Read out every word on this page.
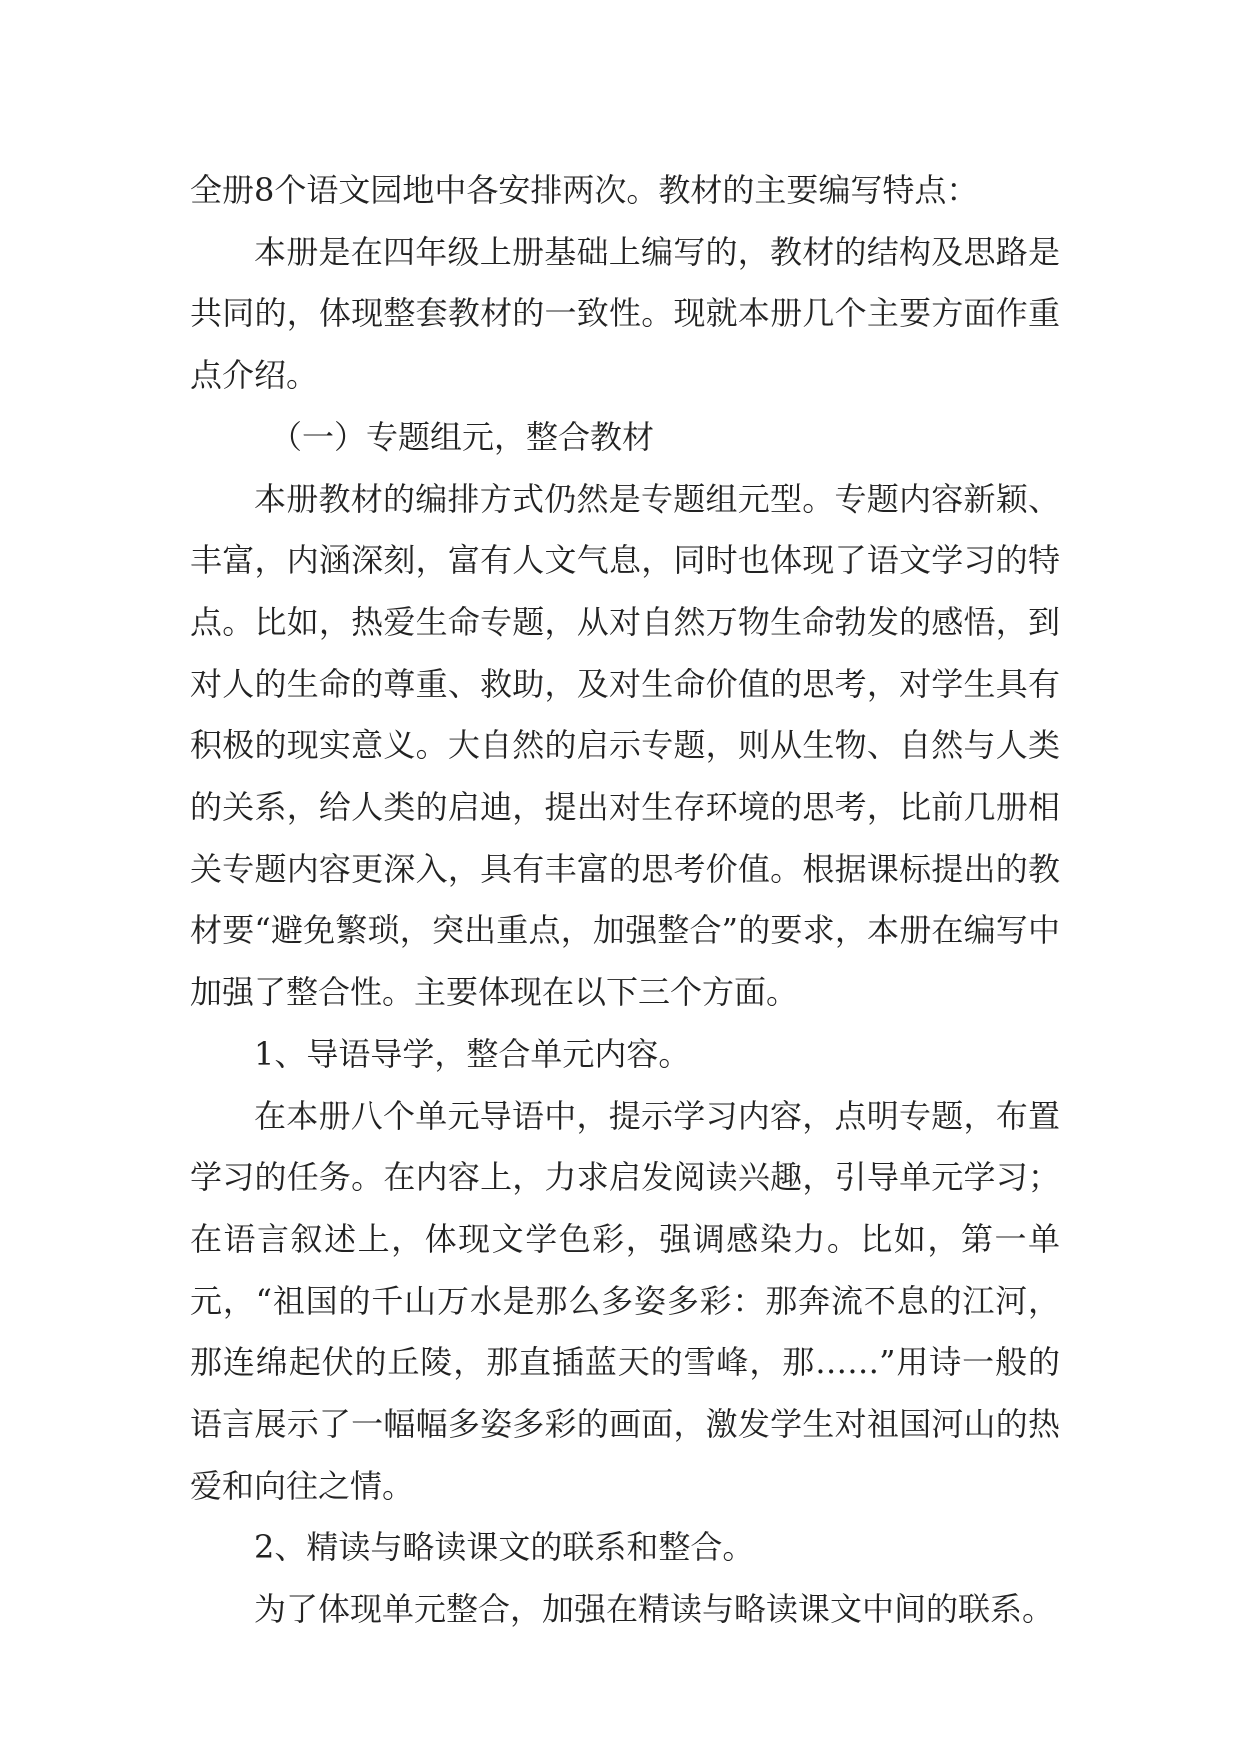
全册8个语文园地中各安排两次。教材的主要编写特点：

本册是在四年级上册基础上编写的，教材的结构及思路是共同的，体现整套教材的一致性。现就本册几个主要方面作重点介绍。

（一）专题组元，整合教材

本册教材的编排方式仍然是专题组元型。专题内容新颖、丰富，内涵深刻，富有人文气息，同时也体现了语文学习的特点。比如，热爱生命专题，从对自然万物生命勃发的感悟，到对人的生命的尊重、救助，及对生命价值的思考，对学生具有积极的现实意义。大自然的启示专题，则从生物、自然与人类的关系，给人类的启迪，提出对生存环境的思考，比前几册相关专题内容更深入，具有丰富的思考价值。根据课标提出的教材要“避免繁琐，突出重点，加强整合”的要求，本册在编写中加强了整合性。主要体现在以下三个方面。

1、导语导学，整合单元内容。

在本册八个单元导语中，提示学习内容，点明专题，布置学习的任务。在内容上，力求启发阅读兴趣，引导单元学习；在语言叙述上，体现文学色彩，强调感染力。比如，第一单元，“祖国的千山万水是那么多姿多彩：那奔流不息的江河，那连绵起伏的丘陵，那直插蓝天的雪峰，那……”用诗一般的语言展示了一幅幅多姿多彩的画面，激发学生对祖国河山的热爱和向往之情。

2、精读与略读课文的联系和整合。

为了体现单元整合，加强在精读与略读课文中间的联系。
